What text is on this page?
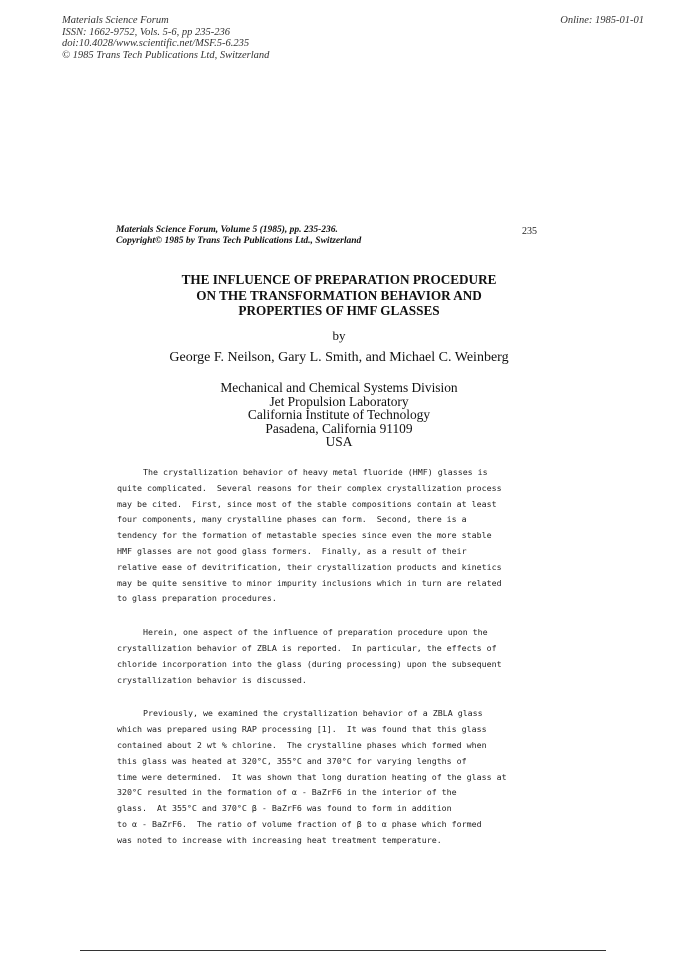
Materials Science Forum
ISSN: 1662-9752, Vols. 5-6, pp 235-236
doi:10.4028/www.scientific.net/MSF.5-6.235
© 1985 Trans Tech Publications Ltd, Switzerland
Online: 1985-01-01
Materials Science Forum, Volume 5 (1985), pp. 235-236.
Copyright© 1985 by Trans Tech Publications Ltd., Switzerland
235
THE INFLUENCE OF PREPARATION PROCEDURE
ON THE TRANSFORMATION BEHAVIOR AND
PROPERTIES OF HMF GLASSES
by
George F. Neilson, Gary L. Smith, and Michael C. Weinberg
Mechanical and Chemical Systems Division
Jet Propulsion Laboratory
California Institute of Technology
Pasadena, California 91109
USA
The crystallization behavior of heavy metal fluoride (HMF) glasses is
quite complicated.  Several reasons for their complex crystallization process
may be cited.  First, since most of the stable compositions contain at least
four components, many crystalline phases can form.  Second, there is a
tendency for the formation of metastable species since even the more stable
HMF glasses are not good glass formers.  Finally, as a result of their
relative ease of devitrification, their crystallization products and kinetics
may be quite sensitive to minor impurity inclusions which in turn are related
to glass preparation procedures.
Herein, one aspect of the influence of preparation procedure upon the
crystallization behavior of ZBLA is reported.  In particular, the effects of
chloride incorporation into the glass (during processing) upon the subsequent
crystallization behavior is discussed.
Previously, we examined the crystallization behavior of a ZBLA glass
which was prepared using RAP processing [1].  It was found that this glass
contained about 2 wt % chlorine.  The crystalline phases which formed when
this glass was heated at 320°C, 355°C and 370°C for varying lengths of
time were determined.  It was shown that long duration heating of the glass at
320°C resulted in the formation of α - BaZrF6 in the interior of the
glass.  At 355°C and 370°C β - BaZrF6 was found to form in addition
to α - BaZrF6.  The ratio of volume fraction of β to α phase which formed
was noted to increase with increasing heat treatment temperature.
